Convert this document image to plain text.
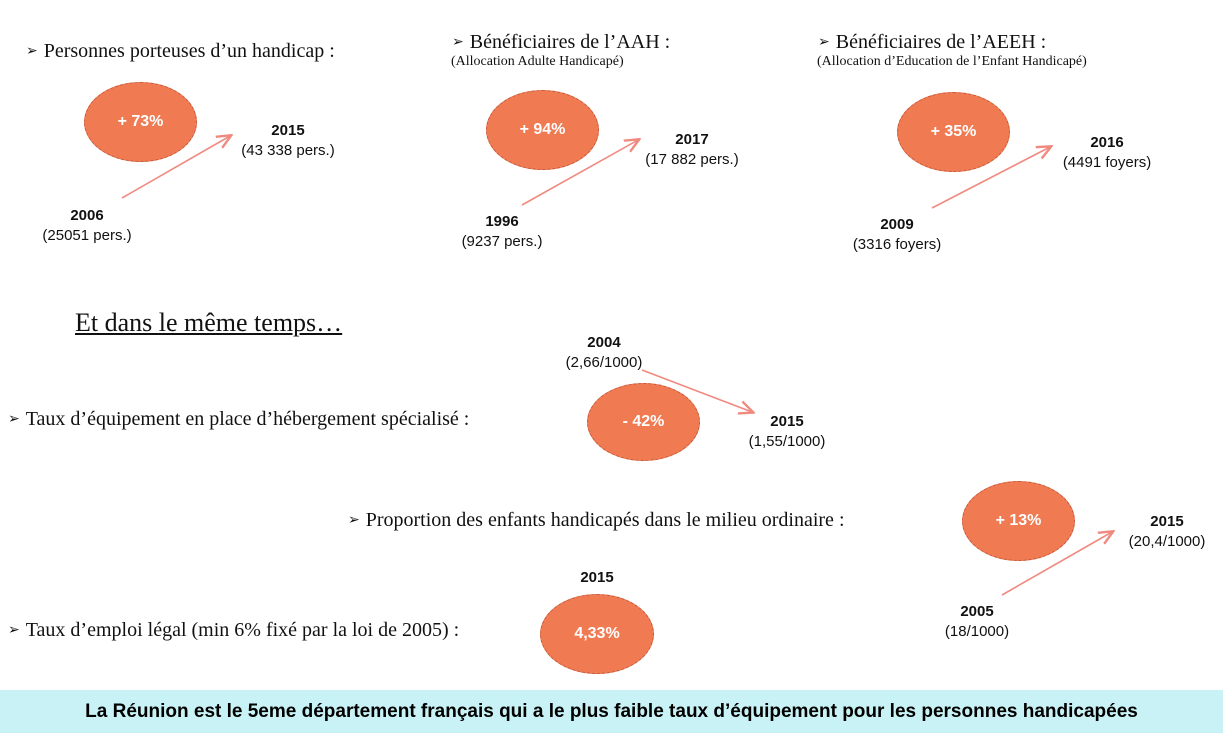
➢ Personnes porteuses d’un handicap :
+ 73%
2006
(25051 pers.)
2015
(43 338 pers.)
➢ Bénéficiaires de l’AAH :
(Allocation Adulte Handicapé)
+ 94%
1996
(9237 pers.)
2017
(17 882 pers.)
➢ Bénéficiaires de l’AEEH :
(Allocation d’Education de l’Enfant Handicapé)
+ 35%
2009
(3316 foyers)
2016
(4491 foyers)
Et dans le même temps…
➢ Taux d’équipement en place d’hébergement spécialisé :	- 42%
2004
(2,66/1000)
2015
(1,55/1000)
➢ Proportion des enfants handicapés dans le milieu ordinaire :	+ 13%
2005
(18/1000)
2015
(20,4/1000)
➢ Taux d’emploi légal (min 6% fixé par la loi de 2005) :
2015
4,33%
La Réunion est le 5eme département français qui a le plus faible taux d’équipement pour les personnes handicapées
